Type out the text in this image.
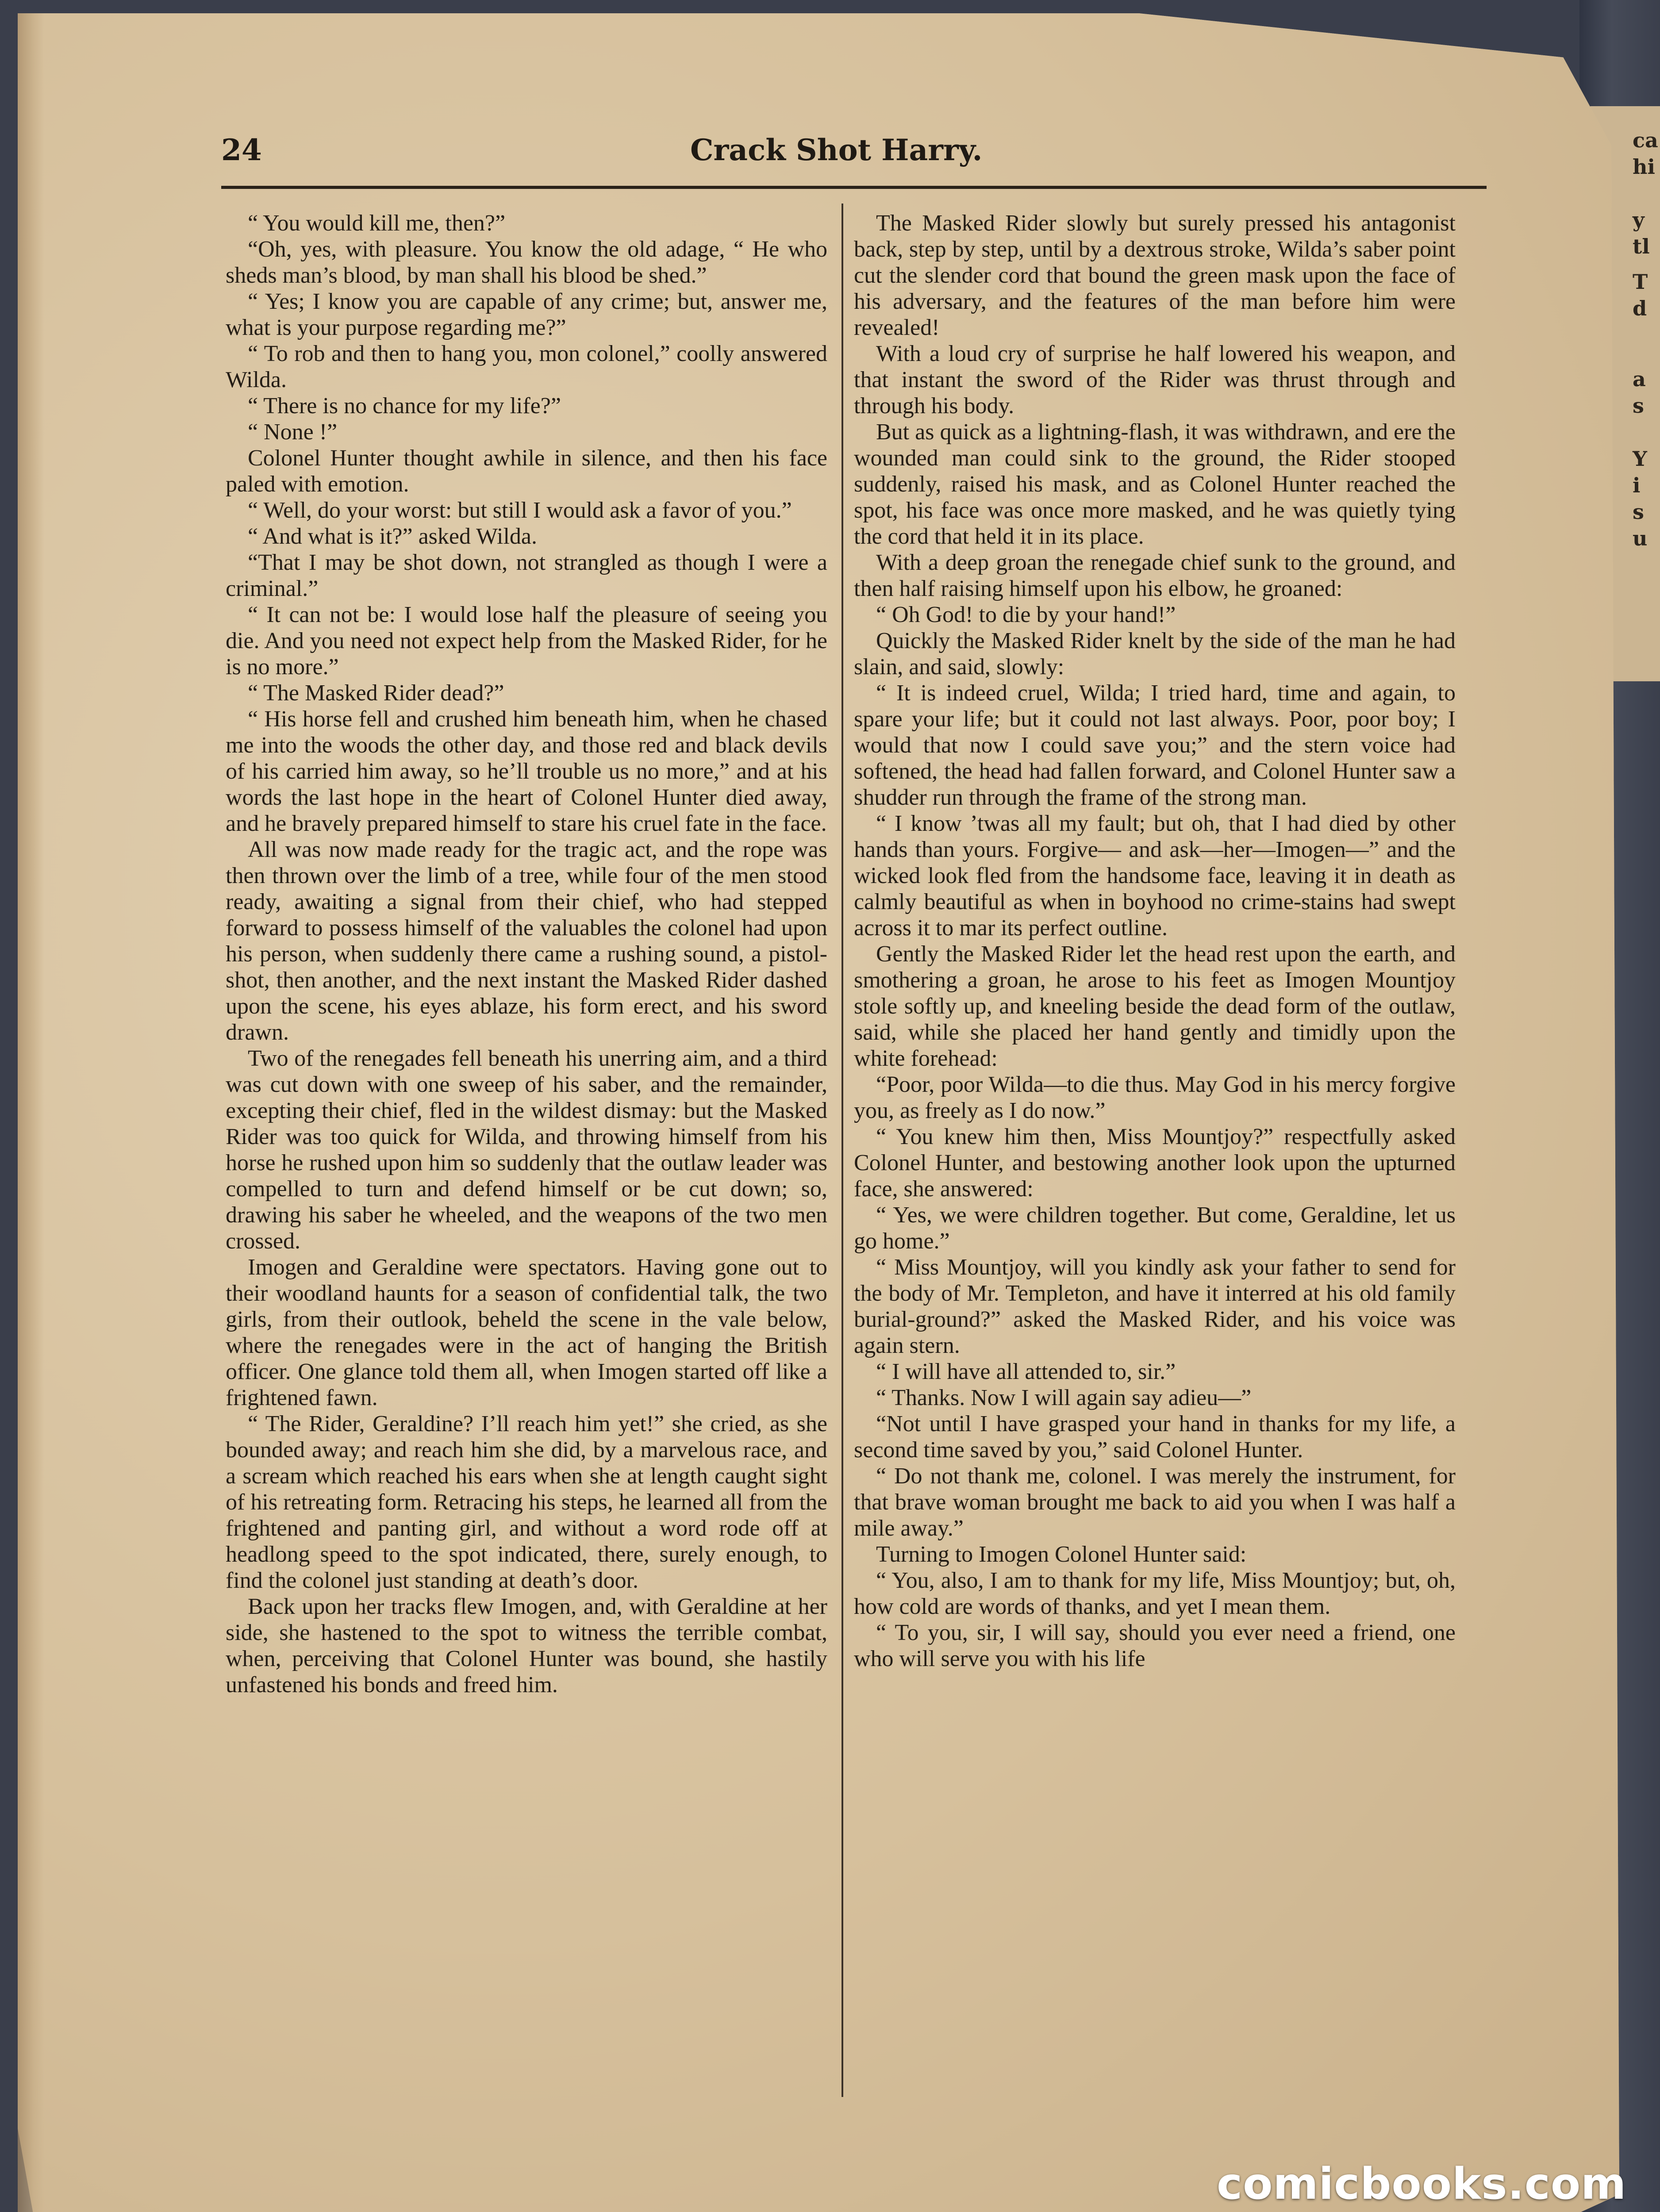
ca
hi
y
tl
T
d
a
s
Y
i
s
u
24	Crack Shot Harry.

“ You would kill me, then?”

“Oh, yes, with pleasure. You know the old adage, “ He who sheds man’s blood, by man shall his blood be shed.”

“ Yes; I know you are capable of any crime; but, answer me, what is your purpose regarding me?”

“ To rob and then to hang you, mon colonel,” coolly answered Wilda.

“ There is no chance for my life?”

“ None !”

Colonel Hunter thought awhile in silence, and then his face paled with emotion.

“ Well, do your worst: but still I would ask a favor of you.”

“ And what is it?” asked Wilda.

“That I may be shot down, not strangled as though I were a criminal.”

“ It can not be: I would lose half the pleasure of seeing you die. And you need not expect help from the Masked Rider, for he is no more.”

“ The Masked Rider dead?”

“ His horse fell and crushed him beneath him, when he chased me into the woods the other day, and those red and black devils of his carried him away, so he’ll trouble us no more,” and at his words the last hope in the heart of Colonel Hunter died away, and he bravely prepared himself to stare his cruel fate in the face.

All was now made ready for the tragic act, and the rope was then thrown over the limb of a tree, while four of the men stood ready, awaiting a signal from their chief, who had stepped forward to possess himself of the valuables the colonel had upon his person, when suddenly there came a rushing sound, a pistol-shot, then another, and the next instant the Masked Rider dashed upon the scene, his eyes ablaze, his form erect, and his sword drawn.

Two of the renegades fell beneath his unerring aim, and a third was cut down with one sweep of his saber, and the remainder, excepting their chief, fled in the wildest dismay: but the Masked Rider was too quick for Wilda, and throwing himself from his horse he rushed upon him so suddenly that the outlaw leader was compelled to turn and defend himself or be cut down; so, drawing his saber he wheeled, and the weapons of the two men crossed.

Imogen and Geraldine were spectators. Having gone out to their woodland haunts for a season of confidential talk, the two girls, from their outlook, beheld the scene in the vale below, where the renegades were in the act of hanging the British officer. One glance told them all, when Imogen started off like a frightened fawn.

“ The Rider, Geraldine? I’ll reach him yet!” she cried, as she bounded away; and reach him she did, by a marvelous race, and a scream which reached his ears when she at length caught sight of his retreating form. Retracing his steps, he learned all from the frightened and panting girl, and without a word rode off at headlong speed to the spot indicated, there, surely enough, to find the colonel just standing at death’s door.

Back upon her tracks flew Imogen, and, with Geraldine at her side, she hastened to the spot to witness the terrible combat, when, perceiving that Colonel Hunter was bound, she hastily unfastened his bonds and freed him.

The Masked Rider slowly but surely pressed his antagonist back, step by step, until by a dextrous stroke, Wilda’s saber point cut the slender cord that bound the green mask upon the face of his adversary, and the features of the man before him were revealed!

With a loud cry of surprise he half lowered his weapon, and that instant the sword of the Rider was thrust through and through his body.

But as quick as a lightning-flash, it was withdrawn, and ere the wounded man could sink to the ground, the Rider stooped suddenly, raised his mask, and as Colonel Hunter reached the spot, his face was once more masked, and he was quietly tying the cord that held it in its place.

With a deep groan the renegade chief sunk to the ground, and then half raising himself upon his elbow, he groaned:

“ Oh God! to die by your hand!”

Quickly the Masked Rider knelt by the side of the man he had slain, and said, slowly:

“ It is indeed cruel, Wilda; I tried hard, time and again, to spare your life; but it could not last always. Poor, poor boy; I would that now I could save you;” and the stern voice had softened, the head had fallen forward, and Colonel Hunter saw a shudder run through the frame of the strong man.

“ I know ’twas all my fault; but oh, that I had died by other hands than yours. Forgive— and ask—her—Imogen—” and the wicked look fled from the handsome face, leaving it in death as calmly beautiful as when in boyhood no crime-stains had swept across it to mar its perfect outline.

Gently the Masked Rider let the head rest upon the earth, and smothering a groan, he arose to his feet as Imogen Mountjoy stole softly up, and kneeling beside the dead form of the outlaw, said, while she placed her hand gently and timidly upon the white forehead:

“Poor, poor Wilda—to die thus. May God in his mercy forgive you, as freely as I do now.”

“ You knew him then, Miss Mountjoy?” respectfully asked Colonel Hunter, and bestowing another look upon the upturned face, she answered:

“ Yes, we were children together. But come, Geraldine, let us go home.”

“ Miss Mountjoy, will you kindly ask your father to send for the body of Mr. Templeton, and have it interred at his old family burial-ground?” asked the Masked Rider, and his voice was again stern.

“ I will have all attended to, sir.”

“ Thanks. Now I will again say adieu—”

“Not until I have grasped your hand in thanks for my life, a second time saved by you,” said Colonel Hunter.

“ Do not thank me, colonel. I was merely the instrument, for that brave woman brought me back to aid you when I was half a mile away.”

Turning to Imogen Colonel Hunter said:

“ You, also, I am to thank for my life, Miss Mountjoy; but, oh, how cold are words of thanks, and yet I mean them.

“ To you, sir, I will say, should you ever need a friend, one who will serve you with his life

comicbooks.com
